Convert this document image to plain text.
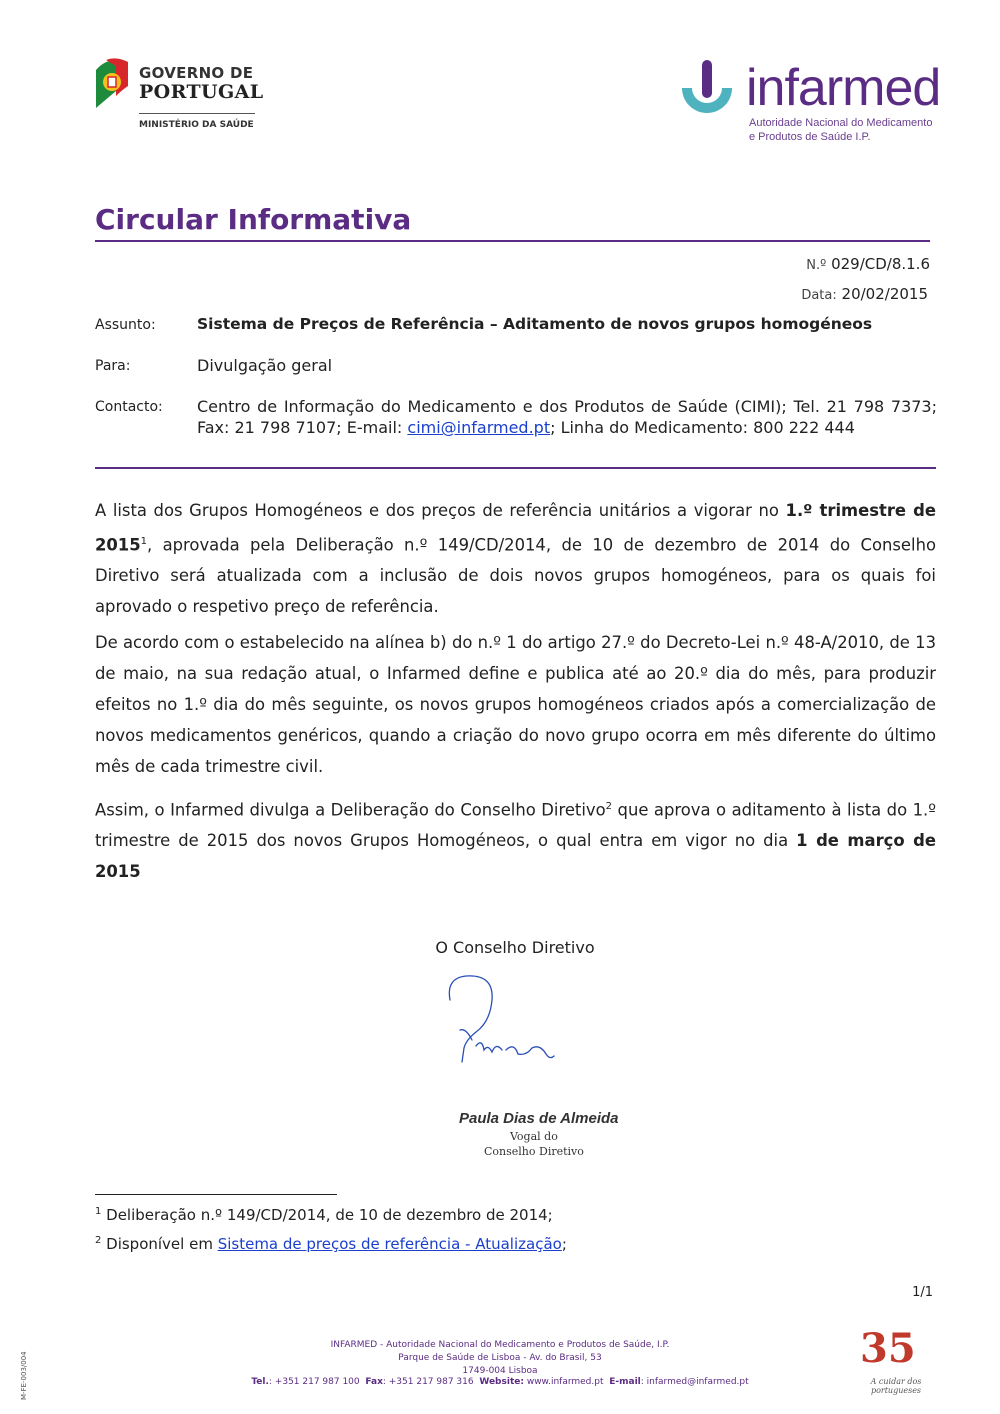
GOVERNO DE
PORTUGAL
MINISTÉRIO DA SAÚDE
infarmed
Autoridade Nacional do Medicamento
e Produtos de Saúde I.P.
Circular Informativa
N.º 029/CD/8.1.6
Data: 20/02/2015
Assunto:	Sistema de Preços de Referência – Aditamento de novos grupos homogéneos
Para:	Divulgação geral
Contacto: Centro de Informação do Medicamento e dos Produtos de Saúde (CIMI); Tel. 21 798 7373; Fax: 21 798 7107; E-mail: cimi@infarmed.pt; Linha do Medicamento: 800 222 444
A lista dos Grupos Homogéneos e dos preços de referência unitários a vigorar no 1.º trimestre de 2015$^1$, aprovada pela Deliberação n.º 149/CD/2014, de 10 de dezembro de 2014 do Conselho Diretivo será atualizada com a inclusão de dois novos grupos homogéneos, para os quais foi aprovado o respetivo preço de referência.
De acordo com o estabelecido na alínea b) do n.º 1 do artigo 27.º do Decreto-Lei n.º 48-A/2010, de 13 de maio, na sua redação atual, o Infarmed define e publica até ao 20.º dia do mês, para produzir efeitos no 1.º dia do mês seguinte, os novos grupos homogéneos criados após a comercialização de novos medicamentos genéricos, quando a criação do novo grupo ocorra em mês diferente do último mês de cada trimestre civil.
Assim, o Infarmed divulga a Deliberação do Conselho Diretivo$^2$ que aprova o aditamento à lista do 1.º trimestre de 2015 dos novos Grupos Homogéneos, o qual entra em vigor no dia 1 de março de 2015
O Conselho Diretivo
Paula Dias de Almeida
Vogal do
Conselho Diretivo
$^1$ Deliberação n.º 149/CD/2014, de 10 de dezembro de 2014;
$^2$ Disponível em Sistema de preços de referência - Atualização;
1/1
M-FE-003/004
INFARMED - Autoridade Nacional do Medicamento e Produtos de Saúde, I.P.
Parque de Saúde de Lisboa - Av. do Brasil, 53
1749-004 Lisboa
Tel.: +351 217 987 100 Fax: +351 217 987 316 Website: www.infarmed.pt E-mail: infarmed@infarmed.pt
35
A cuidar dos portugueses
